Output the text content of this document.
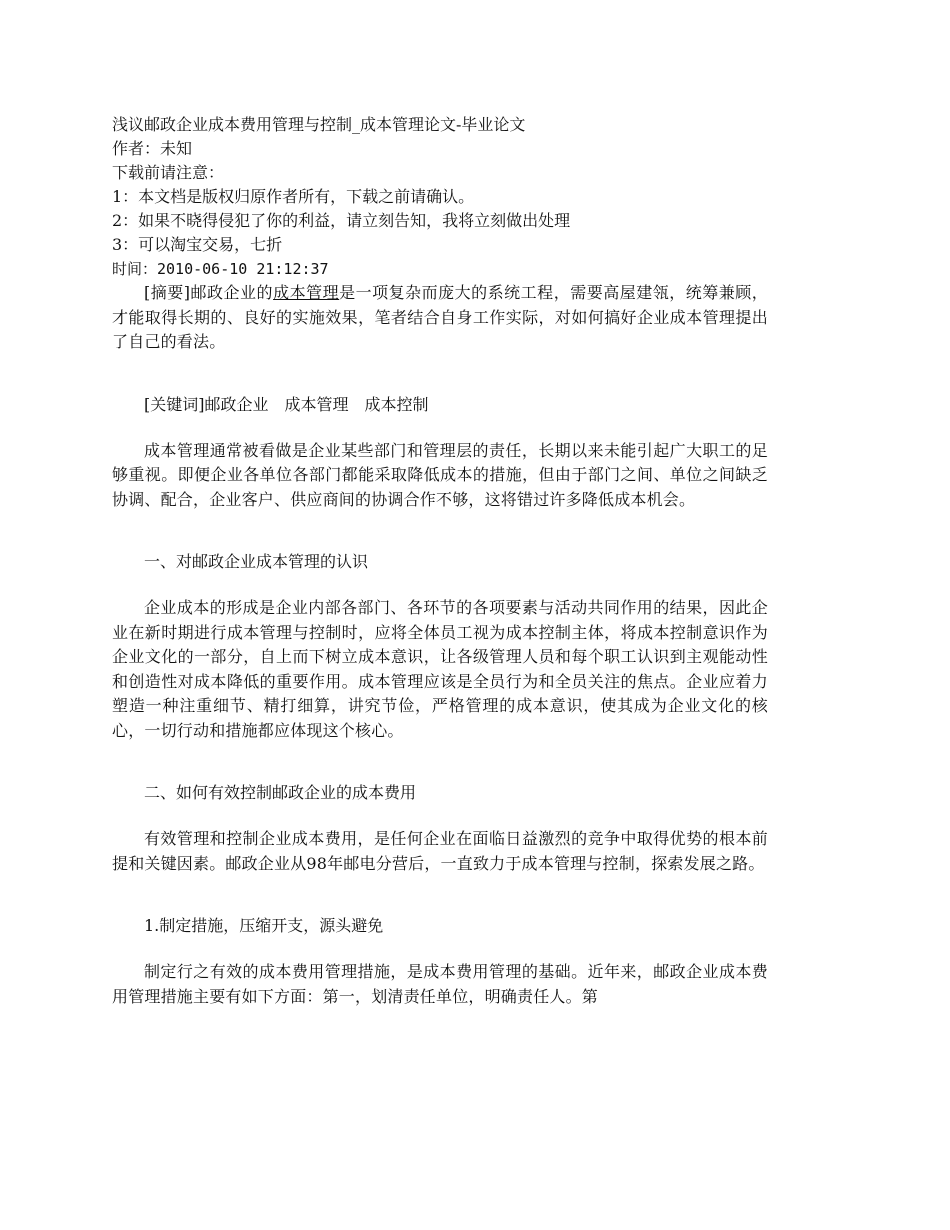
浅议邮政企业成本费用管理与控制_成本管理论文-毕业论文
作者：未知
下载前请注意：
1：本文档是版权归原作者所有，下载之前请确认。
2：如果不晓得侵犯了你的利益，请立刻告知，我将立刻做出处理
3：可以淘宝交易，七折
时间：2010-06-10 21:12:37

[摘要]邮政企业的成本管理是一项复杂而庞大的系统工程，需要高屋建瓴，统筹兼顾，才能取得长期的、良好的实施效果，笔者结合自身工作实际，对如何搞好企业成本管理提出了自己的看法。

[关键词]邮政企业　成本管理　成本控制

成本管理通常被看做是企业某些部门和管理层的责任，长期以来未能引起广大职工的足够重视。即便企业各单位各部门都能采取降低成本的措施，但由于部门之间、单位之间缺乏协调、配合，企业客户、供应商间的协调合作不够，这将错过许多降低成本机会。

一、对邮政企业成本管理的认识

企业成本的形成是企业内部各部门、各环节的各项要素与活动共同作用的结果，因此企业在新时期进行成本管理与控制时，应将全体员工视为成本控制主体，将成本控制意识作为企业文化的一部分，自上而下树立成本意识，让各级管理人员和每个职工认识到主观能动性和创造性对成本降低的重要作用。成本管理应该是全员行为和全员关注的焦点。企业应着力塑造一种注重细节、精打细算，讲究节俭，严格管理的成本意识，使其成为企业文化的核心，一切行动和措施都应体现这个核心。

二、如何有效控制邮政企业的成本费用

有效管理和控制企业成本费用，是任何企业在面临日益激烈的竞争中取得优势的根本前提和关键因素。邮政企业从98年邮电分营后，一直致力于成本管理与控制，探索发展之路。

1.制定措施，压缩开支，源头避免

制定行之有效的成本费用管理措施，是成本费用管理的基础。近年来，邮政企业成本费用管理措施主要有如下方面：第一，划清责任单位，明确责任人。第
